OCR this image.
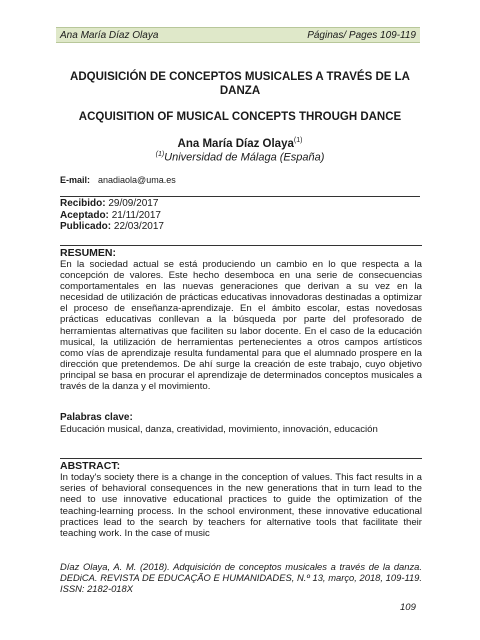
Ana María Díaz Olaya	Páginas/ Pages 109-119
ADQUISICIÓN DE CONCEPTOS MUSICALES A TRAVÉS DE LA DANZA
ACQUISITION OF MUSICAL CONCEPTS THROUGH DANCE
Ana María Díaz Olaya$^{(1)}$
$^{(1)}$Universidad de Málaga (España)
E-mail: anadiaola@uma.es
Recibido: 29/09/2017
Aceptado: 21/11/2017
Publicado: 22/03/2017
RESUMEN:

En la sociedad actual se está produciendo un cambio en lo que respecta a la concepción de valores. Este hecho desemboca en una serie de consecuencias comportamentales en las nuevas generaciones que derivan a su vez en la necesidad de utilización de prácticas educativas innovadoras destinadas a optimizar el proceso de enseñanza-aprendizaje. En el ámbito escolar, estas novedosas prácticas educativas conllevan a la búsqueda por parte del profesorado de herramientas alternativas que faciliten su labor docente. En el caso de la educación musical, la utilización de herramientas pertenecientes a otros campos artísticos como vías de aprendizaje resulta fundamental para que el alumnado prospere en la dirección que pretendemos. De ahí surge la creación de este trabajo, cuyo objetivo principal se basa en procurar el aprendizaje de determinados conceptos musicales a través de la danza y el movimiento.

Palabras clave:
Educación musical, danza, creatividad, movimiento, innovación, educación
ABSTRACT:

In today's society there is a change in the conception of values. This fact results in a series of behavioral consequences in the new generations that in turn lead to the need to use innovative educational practices to guide the optimization of the teaching-learning process. In the school environment, these innovative educational practices lead to the search by teachers for alternative tools that facilitate their teaching work. In the case of music

Díaz Olaya, A. M. (2018). Adquisición de conceptos musicales a través de la danza. DEDiCA. REVISTA DE EDUCAÇÃO E HUMANIDADES, N.º 13, março, 2018, 109-119. ISSN: 2182-018X
109
